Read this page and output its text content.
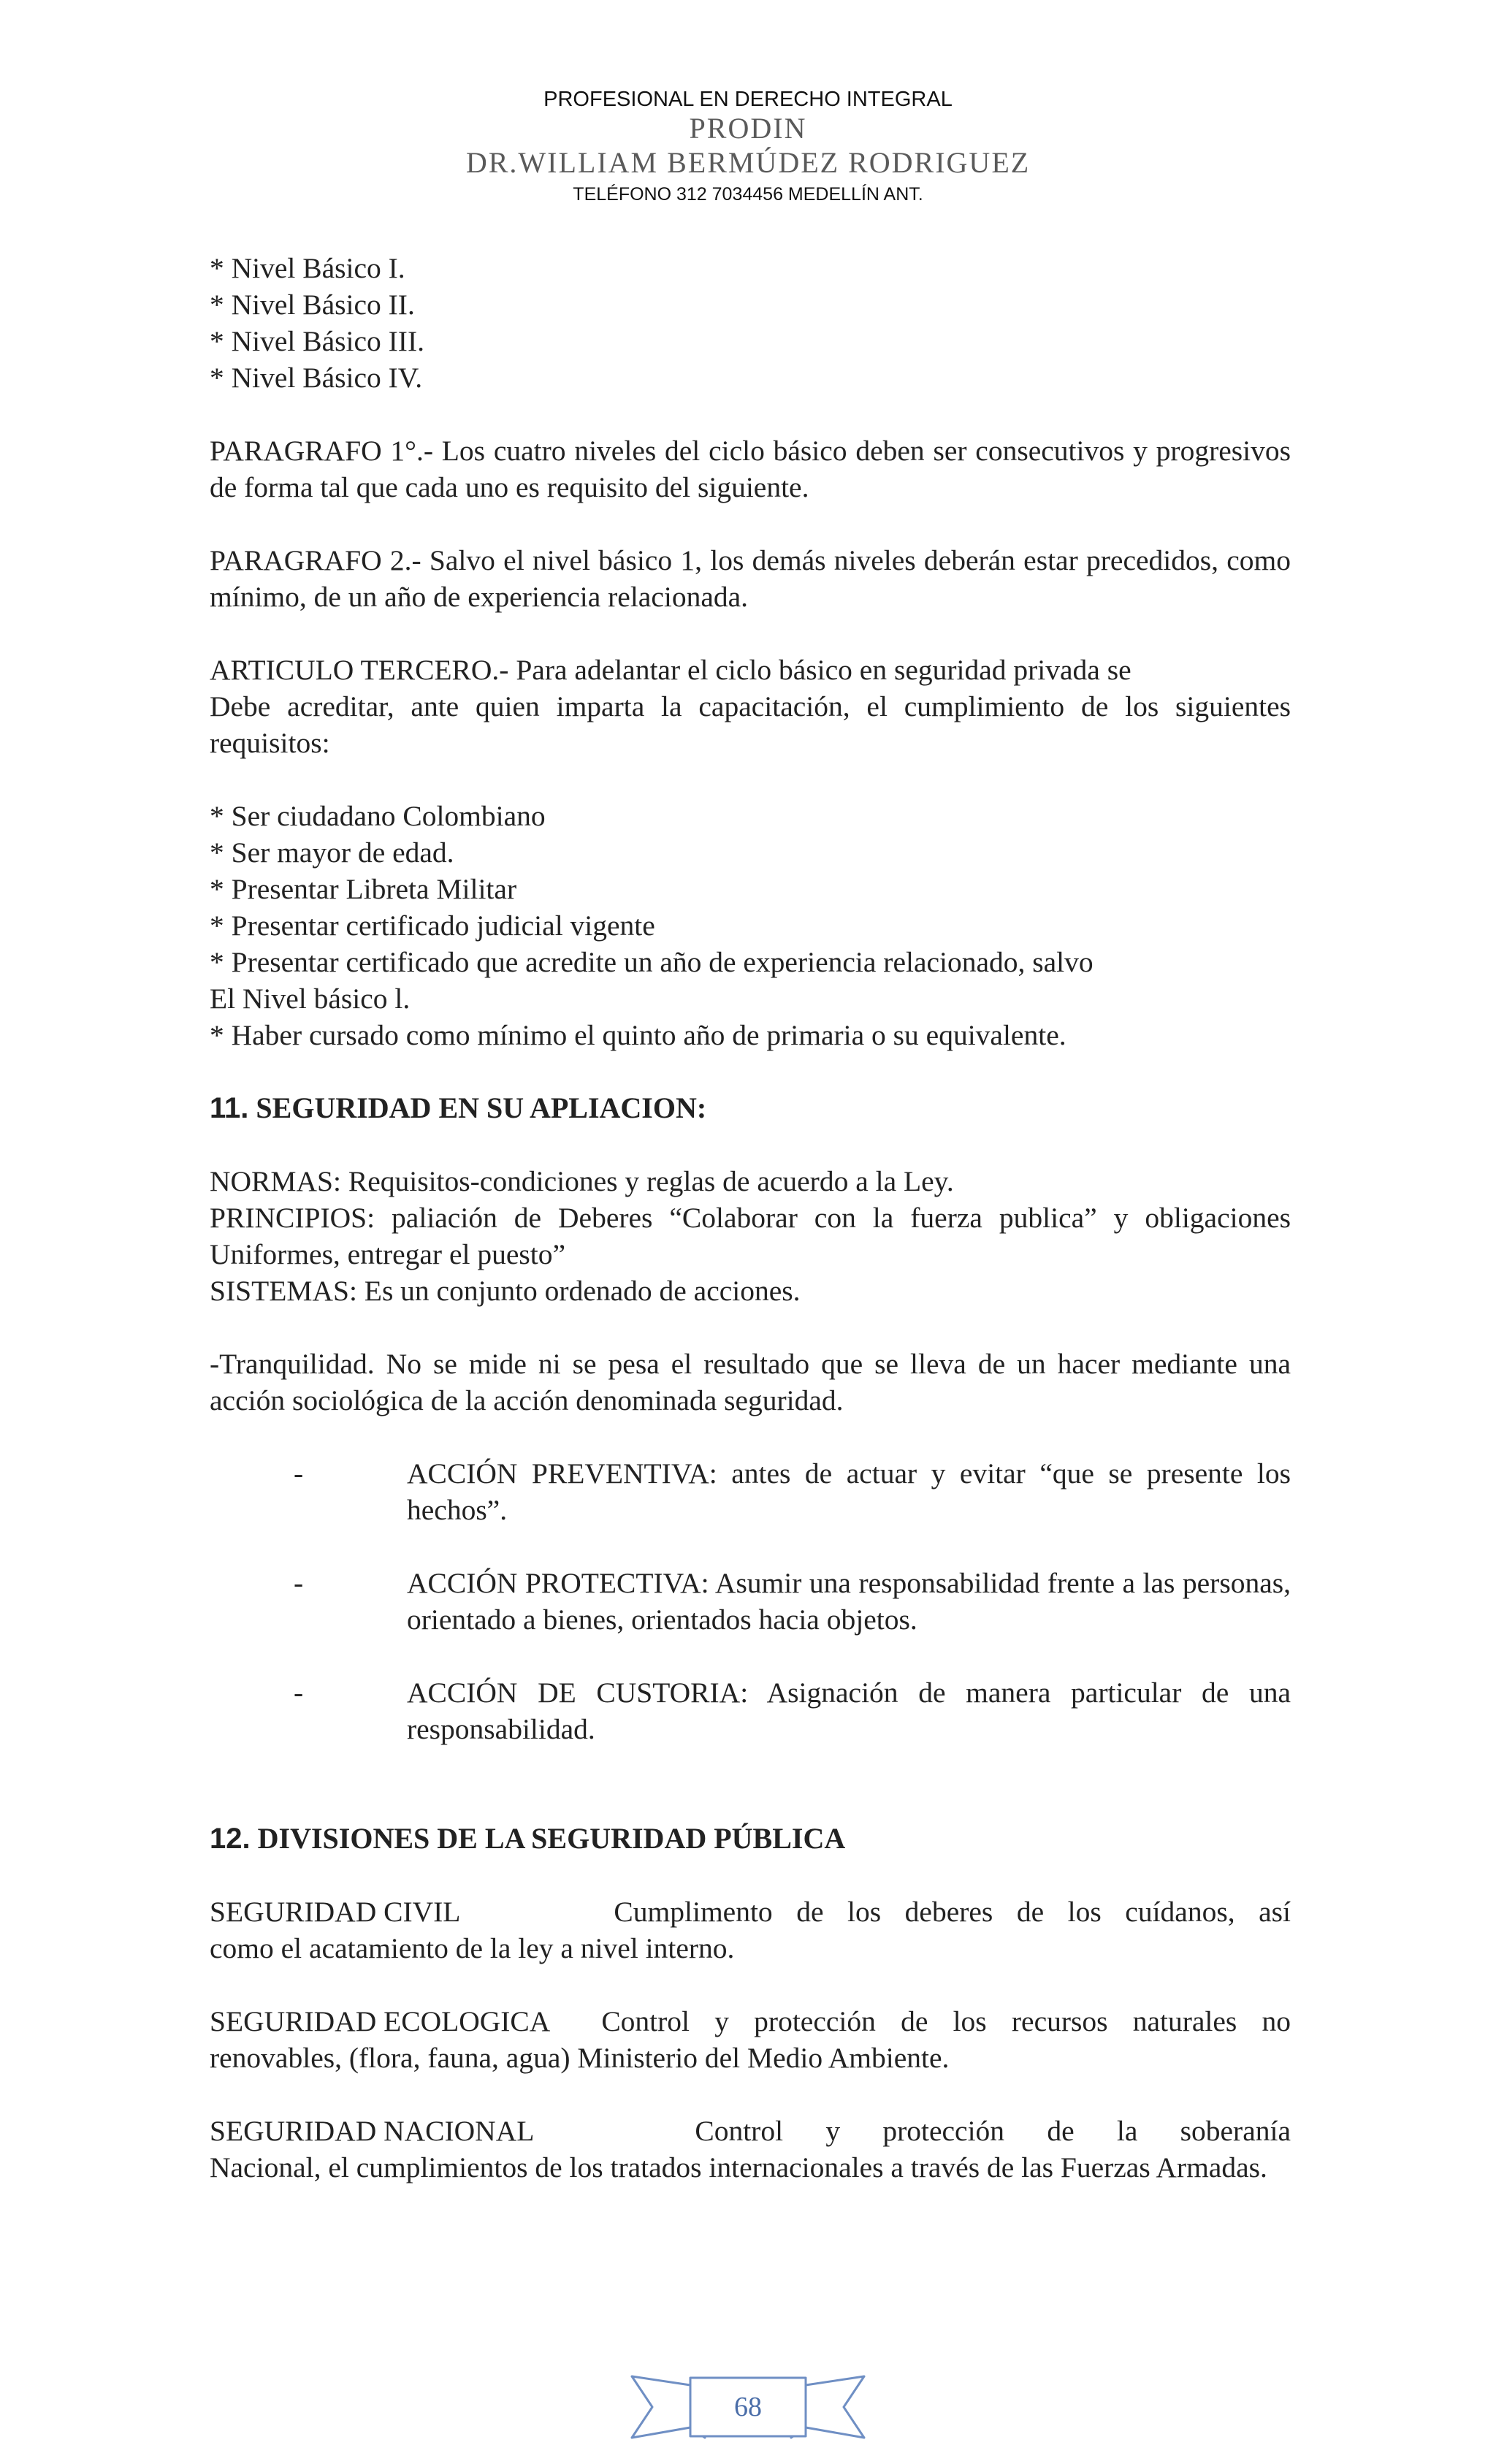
PROFESIONAL EN DERECHO INTEGRAL
PRODIN
DR.WILLIAM BERMÚDEZ RODRIGUEZ
TELÉFONO 312 7034456 MEDELLÍN ANT.

* Nivel Básico I.

* Nivel Básico II.

* Nivel Básico III.

* Nivel Básico IV.

PARAGRAFO 1°.- Los cuatro niveles del ciclo básico deben ser consecutivos y progresivos de forma tal que cada uno es requisito del siguiente.

PARAGRAFO 2.- Salvo el nivel básico 1, los demás niveles deberán estar precedidos, como mínimo, de un año de experiencia relacionada.

ARTICULO TERCERO.- Para adelantar el ciclo básico en seguridad privada se

Debe acreditar, ante quien imparta la capacitación, el cumplimiento de los siguientes requisitos:

* Ser ciudadano Colombiano

* Ser mayor de edad.

* Presentar Libreta Militar

* Presentar certificado judicial vigente

* Presentar certificado que acredite un año de experiencia relacionado, salvo

El Nivel básico l.

* Haber cursado como mínimo el quinto año de primaria o su equivalente.

11. SEGURIDAD EN SU APLIACION:

NORMAS: Requisitos-condiciones y reglas de acuerdo a la Ley.

PRINCIPIOS: paliación de Deberes “Colaborar con la fuerza publica” y obligaciones Uniformes, entregar el puesto”

SISTEMAS: Es un conjunto ordenado de acciones.

-Tranquilidad. No se mide ni se pesa el resultado que se lleva de un hacer mediante una acción sociológica de la acción denominada seguridad.

-	ACCIÓN PREVENTIVA: antes de actuar y evitar “que se presente los hechos”.
-	ACCIÓN PROTECTIVA: Asumir una responsabilidad frente a las personas, orientado a bienes, orientados hacia objetos.
-	ACCIÓN DE CUSTORIA: Asignación de manera particular de una responsabilidad.

12. DIVISIONES DE LA SEGURIDAD PÚBLICA

SEGURIDAD CIVIL	Cumplimento de los deberes de los cuídanos, así

como el acatamiento de la ley a nivel interno.

SEGURIDAD ECOLOGICA Control y protección de los recursos naturales no

renovables, (flora, fauna, agua) Ministerio del Medio Ambiente.

SEGURIDAD NACIONAL	Control y protección de la soberanía

Nacional, el cumplimientos de los tratados internacionales a través de las Fuerzas Armadas.

68
